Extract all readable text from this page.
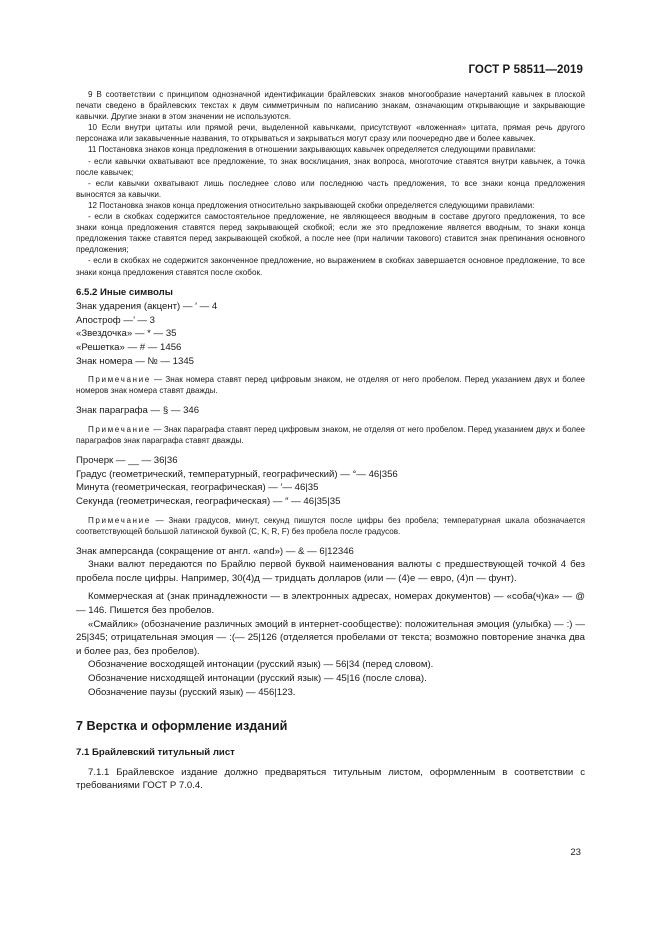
ГОСТ Р 58511—2019

9 В соответствии с принципом однозначной идентификации брайлевских знаков многообразие начертаний кавычек в плоской печати сведено в брайлевских текстах к двум симметричным по написанию знакам, означающим открывающие и закрывающие кавычки. Другие знаки в этом значении не используются.

10 Если внутри цитаты или прямой речи, выделенной кавычками, присутствуют «вложенная» цитата, прямая речь другого персонажа или закавыченные названия, то открываться и закрываться могут сразу или поочередно две и более кавычек.

11 Постановка знаков конца предложения в отношении закрывающих кавычек определяется следующими правилами:

- если кавычки охватывают все предложение, то знак восклицания, знак вопроса, многоточие ставятся внутри кавычек, а точка после кавычек;

- если кавычки охватывают лишь последнее слово или последнюю часть предложения, то все знаки конца предложения выносятся за кавычки.

12 Постановка знаков конца предложения относительно закрывающей скобки определяется следующими правилами:

- если в скобках содержится самостоятельное предложение, не являющееся вводным в составе другого предложения, то все знаки конца предложения ставятся перед закрывающей скобкой; если же это предложение является вводным, то знаки конца предложения также ставятся перед закрывающей скобкой, а после нее (при наличии такового) ставится знак препинания основного предложения;

- если в скобках не содержится законченное предложение, но выражением в скобках завершается основное предложение, то все знаки конца предложения ставятся после скобок.

6.5.2 Иные символы

Знак ударения (акцент) — ′ — 4

Апостроф —’ — 3

«Звездочка» — * — 35

«Решетка» — # — 1456

Знак номера — № — 1345

Примечание — Знак номера ставят перед цифровым знаком, не отделяя от него пробелом. Перед указанием двух и более номеров знак номера ставят дважды.

Знак параграфа — § — 346

Примечание — Знак параграфа ставят перед цифровым знаком, не отделяя от него пробелом. Перед указанием двух и более параграфов знак параграфа ставят дважды.

Прочерк — __ — 36|36

Градус (геометрический, температурный, географический) — °— 46|356

Минута (геометрическая, географическая) — ′— 46|35

Секунда (геометрическая, географическая) — ″ — 46|35|35

Примечание — Знаки градусов, минут, секунд пишутся после цифры без пробела; температурная шкала обозначается соответствующей большой латинской буквой (C, K, R, F) без пробела после градусов.

Знак амперсанда (сокращение от англ. «and») — & — 6|12346

Знаки валют передаются по Брайлю первой буквой наименования валюты с предшествующей точкой 4 без пробела после цифры. Например, 30(4)д — тридцать долларов (или — (4)е — евро, (4)п — фунт).

Коммерческая at (знак принадлежности — в электронных адресах, номерах документов) — «соба(ч)ка» — @ — 146. Пишется без пробелов.

«Смайлик» (обозначение различных эмоций в интернет-сообществе): положительная эмоция (улыбка) — :) — 25|345; отрицательная эмоция — :(— 25|126 (отделяется пробелами от текста; возможно повторение значка два и более раз, без пробелов).

Обозначение восходящей интонации (русский язык) — 56|34 (перед словом).

Обозначение нисходящей интонации (русский язык) — 45|16 (после слова).

Обозначение паузы (русский язык) — 456|123.

7 Верстка и оформление изданий
7.1 Брайлевский титульный лист

7.1.1 Брайлевское издание должно предваряться титульным листом, оформленным в соответствии с требованиями ГОСТ Р 7.0.4.

23
